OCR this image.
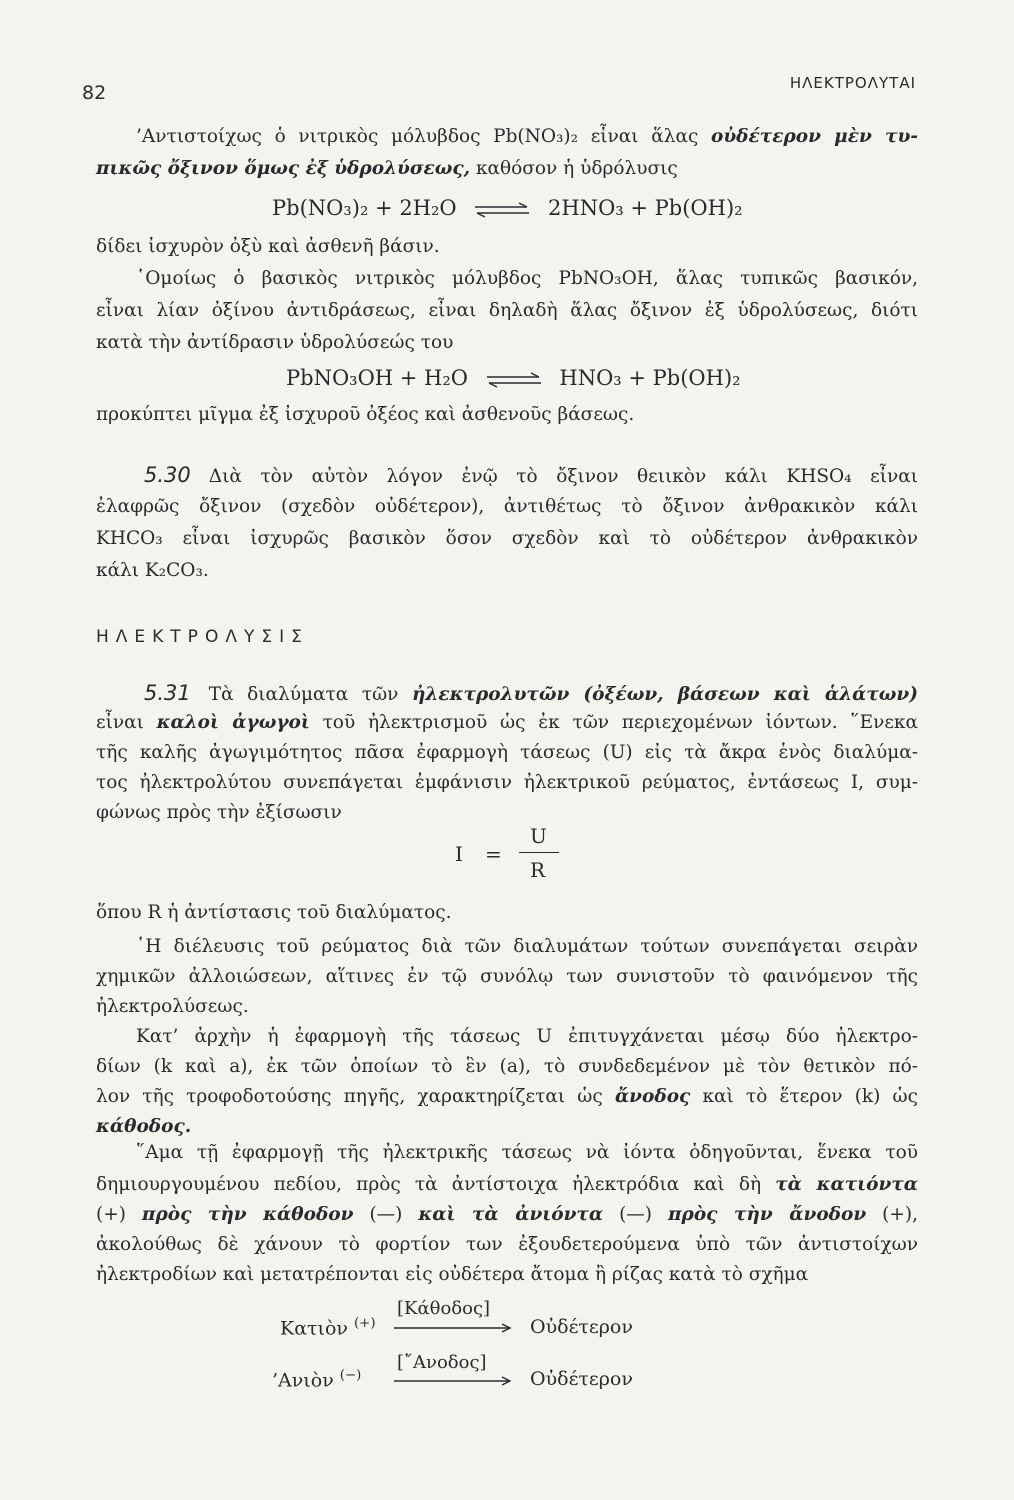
82	ΗΛΕΚΤΡΟΛΥΤΑΙ
’Αντιστοίχως ὁ νιτρικὸς μόλυβδος Pb(NO₃)₂ εἶναι ἅλας οὐδέτερον μὲν τυ-
πικῶς ὄξινον ὅμως ἐξ ὑδρολύσεως, καθόσον ἡ ὑδρόλυσις
Pb(NO₃)₂ + 2H₂O ⇌ 2HNO₃ + Pb(OH)₂
δίδει ἰσχυρὸν ὀξὺ καὶ ἀσθενῆ βάσιν.
῾Ομοίως ὁ βασικὸς νιτρικὸς μόλυβδος PbNO₃OH, ἅλας τυπικῶς βασικόν,
εἶναι λίαν ὀξίνου ἀντιδράσεως, εἶναι δηλαδὴ ἅλας ὄξινον ἐξ ὑδρολύσεως, διότι
κατὰ τὴν ἀντίδρασιν ὑδρολύσεώς του
PbNO₃OH + H₂O ⇌ HNO₃ + Pb(OH)₂
προκύπτει μῖγμα ἐξ ἰσχυροῦ ὀξέος καὶ ἀσθενοῦς βάσεως.
5.30 Διὰ τὸν αὐτὸν λόγον ἐνῷ τὸ ὄξινον θειικὸν κάλι KHSO₄ εἶναι
ἐλαφρῶς ὄξινον (σχεδὸν οὐδέτερον), ἀντιθέτως τὸ ὄξινον ἀνθρακικὸν κάλι
KHCO₃ εἶναι ἰσχυρῶς βασικὸν ὅσον σχεδὸν καὶ τὸ οὐδέτερον ἀνθρακικὸν
κάλι K₂CO₃.
ΗΛΕΚΤΡΟΛΥΣΙΣ
5.31 Τὰ διαλύματα τῶν ἠλεκτρολυτῶν (ὀξέων, βάσεων καὶ ἁλάτων)
εἶναι καλοὶ ἀγωγοὶ τοῦ ἠλεκτρισμοῦ ὡς ἐκ τῶν περιεχομένων ἰόντων. ῞Ενεκα
τῆς καλῆς ἀγωγιμότητος πᾶσα ἐφαρμογὴ τάσεως (U) εἰς τὰ ἄκρα ἑνὸς διαλύμα-
τος ἠλεκτρολύτου συνεπάγεται ἐμφάνισιν ἠλεκτρικοῦ ρεύματος, ἐντάσεως I, συμ-
φώνως πρὸς τὴν ἐξίσωσιν
I =
U
R
ὅπου R ἡ ἀντίστασις τοῦ διαλύματος.
῾Η διέλευσις τοῦ ρεύματος διὰ τῶν διαλυμάτων τούτων συνεπάγεται σειρὰν
χημικῶν ἀλλοιώσεων, αἵτινες ἐν τῷ συνόλῳ των συνιστοῦν τὸ φαινόμενον τῆς
ἠλεκτρολύσεως.
Κατ’ ἀρχὴν ἡ ἐφαρμογὴ τῆς τάσεως U ἐπιτυγχάνεται μέσῳ δύο ἠλεκτρο-
δίων (k καὶ a), ἐκ τῶν ὁποίων τὸ ἓν (a), τὸ συνδεδεμένον μὲ τὸν θετικὸν πό-
λον τῆς τροφοδοτούσης πηγῆς, χαρακτηρίζεται ὡς ἄνοδος καὶ τὸ ἕτερον (k) ὡς
κάθοδος.
῞Αμα τῇ ἐφαρμογῇ τῆς ἠλεκτρικῆς τάσεως νὰ ἰόντα ὁδηγοῦνται, ἕνεκα τοῦ
δημιουργουμένου πεδίου, πρὸς τὰ ἀντίστοιχα ἠλεκτρόδια καὶ δὴ τὰ κατιόντα
(+) πρὸς τὴν κάθοδον (—) καὶ τὰ ἀνιόντα (—) πρὸς τὴν ἄνοδον (+),
ἀκολούθως δὲ χάνουν τὸ φορτίον των ἐξουδετερούμενα ὑπὸ τῶν ἀντιστοίχων
ἠλεκτροδίων καὶ μετατρέπονται εἰς οὐδέτερα ἄτομα ἢ ρίζας κατὰ τὸ σχῆμα
Κατιὸν (+)
[Κάθοδος]
Οὐδέτερον
’Ανιὸν (−)
[῎Ανοδος]
Οὐδέτερον
